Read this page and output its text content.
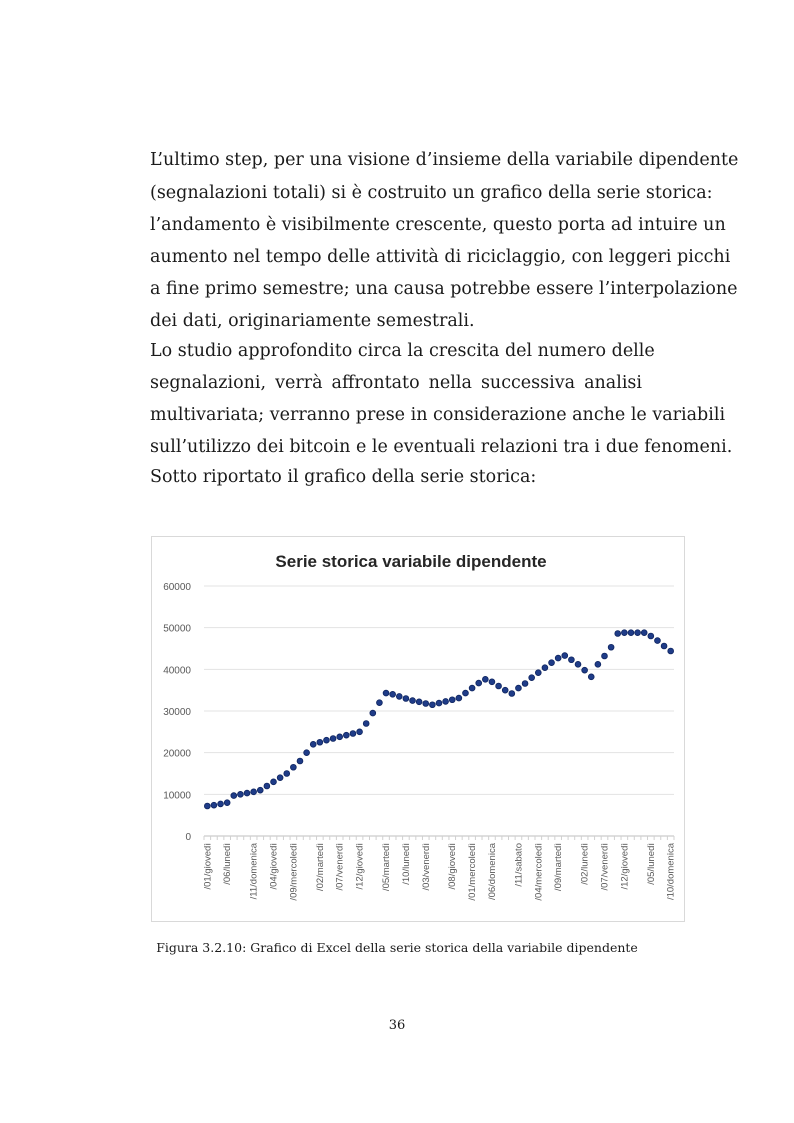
L’ultimo step, per una visione d’insieme della variabile dipendente
(segnalazioni totali) si è costruito un grafico della serie storica:
l’andamento è visibilmente crescente, questo porta ad intuire un
aumento nel tempo delle attività di riciclaggio, con leggeri picchi
a fine primo semestre; una causa potrebbe essere l’interpolazione
dei dati, originariamente semestrali.
Lo studio approfondito circa la crescita del numero delle
segnalazioni, verrà affrontato nella successiva analisi
multivariata; verranno prese in considerazione anche le variabili
sull’utilizzo dei bitcoin e le eventuali relazioni tra i due fenomeni.
Sotto riportato il grafico della serie storica:
Serie storica variabile dipendente
0
10000
20000
30000
40000
50000
60000
/01/giovedì /06/lunedì /11/domenica /04/giovedì /09/mercoledì /02/martedì /07/venerdì /12/giovedì /05/martedì /10/lunedì /03/venerdì /08/giovedì /01/mercoledì /06/domenica /11/sabato /04/mercoledì /09/martedì /02/lunedì /07/venerdì /12/giovedì /05/lunedì /10/domenica
Figura 3.2.10: Grafico di Excel della serie storica della variabile dipendente
36
